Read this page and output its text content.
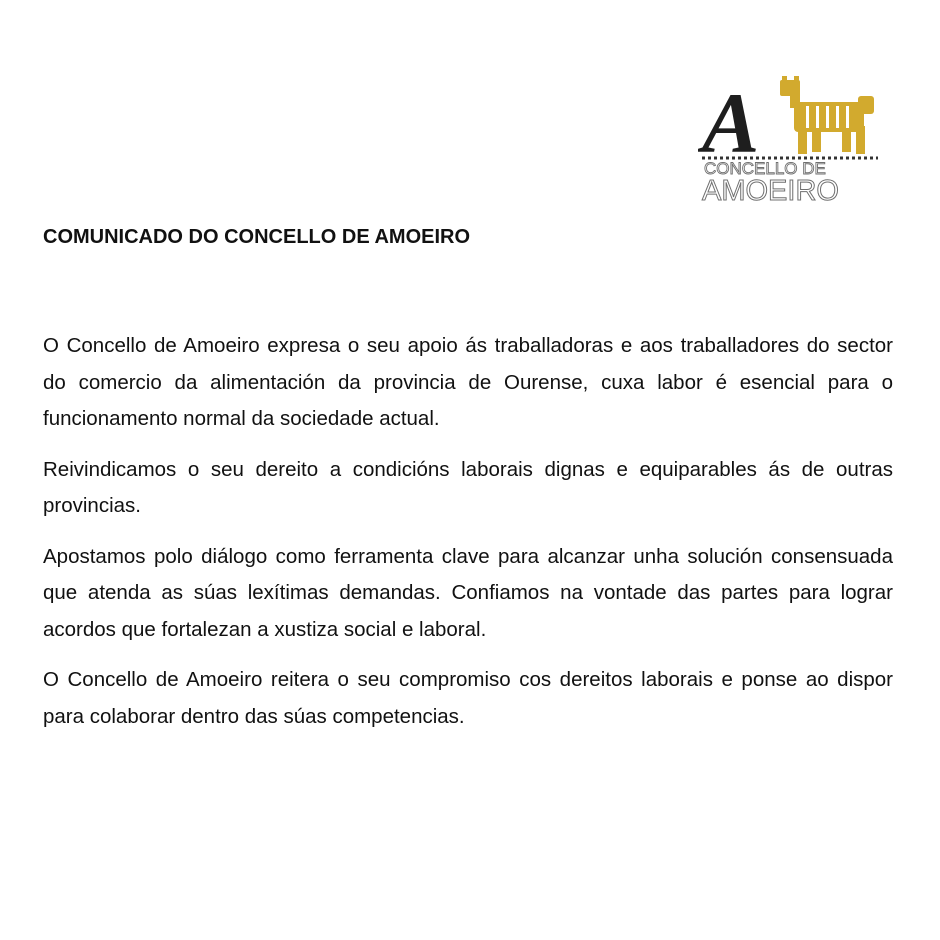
A
CONCELLO DE
AMOEIRO
COMUNICADO DO CONCELLO DE AMOEIRO

O Concello de Amoeiro expresa o seu apoio ás traballadoras e aos traballadores do sector do comercio da alimentación da provincia de Ourense, cuxa labor é esencial para o funcionamento normal da sociedade actual.

Reivindicamos o seu dereito a condicións laborais dignas e equiparables ás de outras provincias.

Apostamos polo diálogo como ferramenta clave para alcanzar unha solución consensuada que atenda as súas lexítimas demandas. Confiamos na vontade das partes para lograr acordos que fortalezan a xustiza social e laboral.

O Concello de Amoeiro reitera o seu compromiso cos dereitos laborais e ponse ao dispor para colaborar dentro das súas competencias.
